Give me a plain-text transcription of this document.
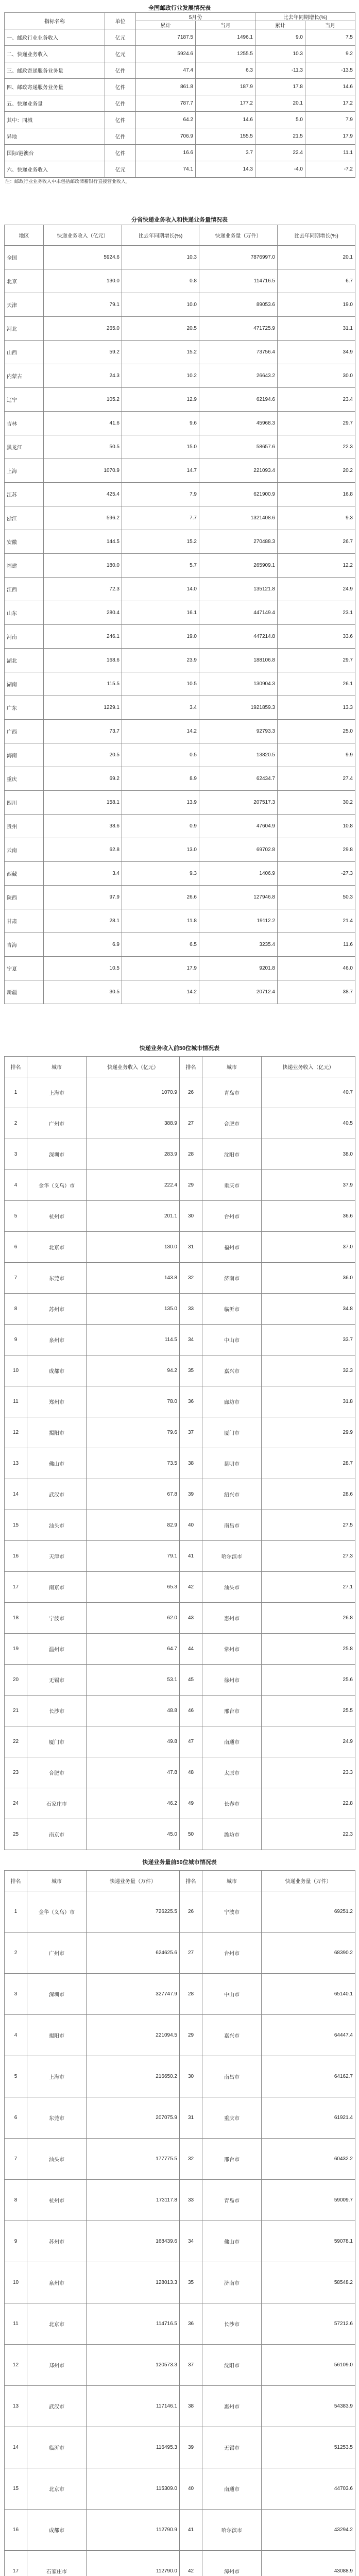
全国邮政行业发展情况表
指标名称	单位	5月份		比去年同期增长(%)	
		累计	当月	累计	当月
一、邮政行业业务收入	亿元	7187.5	1496.1	9.0	7.5
二、快递业务收入	亿元	5924.6	1255.5	10.3	9.2
三、邮政寄递服务业务量	亿件	47.4	6.3	-11.3	-13.5
四、邮政寄递服务业务量	亿件	861.8	187.9	17.8	14.6
五、快递业务量	亿件	787.7	177.2	20.1	17.2
其中：同城	亿件	64.2	14.6	5.0	7.9
异地	亿件	706.9	155.5	21.5	17.9
国际/港澳台	亿件	16.6	3.7	22.4	11.1
六、快递业务收入	亿元	74.1	14.3	-4.0	-7.2
注：邮政行业业务收入中未包括邮政储蓄银行直接营业收入。
分省快递业务收入和快递业务量情况表
地区	快递业务收入（亿元）	比去年同期增长(%)	快递业务量（万件）	比去年同期增长(%)
全国	5924.6	10.3	7876997.0	20.1
北京	130.0	0.8	114716.5	6.7
天津	79.1	10.0	89053.6	19.0
河北	265.0	20.5	471725.9	31.1
山西	59.2	15.2	73756.4	34.9
内蒙古	24.3	10.2	26643.2	30.0
辽宁	105.2	12.9	62194.6	23.4
吉林	41.6	9.6	45968.3	29.7
黑龙江	50.5	15.0	58657.6	22.3
上海	1070.9	14.7	221093.4	20.2
江苏	425.4	7.9	621900.9	16.8
浙江	596.2	7.7	1321408.6	9.3
安徽	144.5	15.2	270488.3	26.7
福建	180.0	5.7	265909.1	12.2
江西	72.3	14.0	135121.8	24.9
山东	280.4	16.1	447149.4	23.1
河南	246.1	19.0	447214.8	33.6
湖北	168.6	23.9	188106.8	29.7
湖南	115.5	10.5	130904.3	26.1
广东	1229.1	3.4	1921859.3	13.3
广西	73.7	14.2	92793.3	25.0
海南	20.5	0.5	13820.5	9.9
重庆	69.2	8.9	62434.7	27.4
四川	158.1	13.9	207517.3	30.2
贵州	38.6	0.9	47604.9	10.8
云南	62.8	13.0	69702.8	29.8
西藏	3.4	9.3	1406.9	-27.3
陕西	97.9	26.6	127946.8	50.3
甘肃	28.1	11.8	19112.2	21.4
青海	6.9	6.5	3235.4	11.6
宁夏	10.5	17.9	9201.8	46.0
新疆	30.5	14.2	20712.4	38.7
快递业务收入前50位城市情况表
排名	城市	快递业务收入（亿元）	排名	城市	快递业务收入（亿元）
1	上海市	1070.9	26	青岛市	40.7
2	广州市	388.9	27	合肥市	40.5
3	深圳市	283.9	28	沈阳市	38.0
4	金华（义乌）市	222.4	29	重庆市	37.9
5	杭州市	201.1	30	台州市	36.6
6	北京市	130.0	31	福州市	37.0
7	东莞市	143.8	32	济南市	36.0
8	苏州市	135.0	33	临沂市	34.8
9	泉州市	114.5	34	中山市	33.7
10	成都市	94.2	35	嘉兴市	32.3
11	郑州市	78.0	36	廊坊市	31.8
12	揭阳市	79.6	37	厦门市	29.9
13	佛山市	73.5	38	昆明市	28.7
14	武汉市	67.8	39	绍兴市	28.6
15	汕头市	82.9	40	南昌市	27.5
16	天津市	79.1	41	哈尔滨市	27.3
17	南京市	65.3	42	汕头市	27.1
18	宁波市	62.0	43	惠州市	26.8
19	温州市	64.7	44	常州市	25.8
20	无锡市	53.1	45	徐州市	25.6
21	长沙市	48.8	46	邢台市	25.5
22	厦门市	49.8	47	南通市	24.9
23	合肥市	47.8	48	太原市	23.3
24	石家庄市	46.2	49	长春市	22.8
25	南京市	45.0	50	潍坊市	22.3
快递业务量前50位城市情况表
排名	城市	快递业务量（万件）	排名	城市	快递业务量（万件）
1	金华（义乌）市	726225.5	26	宁波市	69251.2
2	广州市	624625.6	27	台州市	68390.2
3	深圳市	327747.9	28	中山市	65140.1
4	揭阳市	221094.5	29	嘉兴市	64447.4
5	上海市	216650.2	30	南昌市	64162.7
6	东莞市	207075.9	31	重庆市	61921.4
7	汕头市	177775.5	32	邢台市	60432.2
8	杭州市	173117.8	33	青岛市	59009.7
9	苏州市	168439.6	34	佛山市	59078.1
10	泉州市	128013.3	35	济南市	58548.2
11	北京市	114716.5	36	长沙市	57212.6
12	郑州市	120573.3	37	沈阳市	56109.0
13	武汉市	117146.1	38	惠州市	54383.9
14	临沂市	116495.3	39	无锡市	51253.5
15	北京市	115309.0	40	南通市	44703.6
16	成都市	112790.9	41	哈尔滨市	43294.2
17	石家庄市	112790.0	42	漳州市	43088.9
